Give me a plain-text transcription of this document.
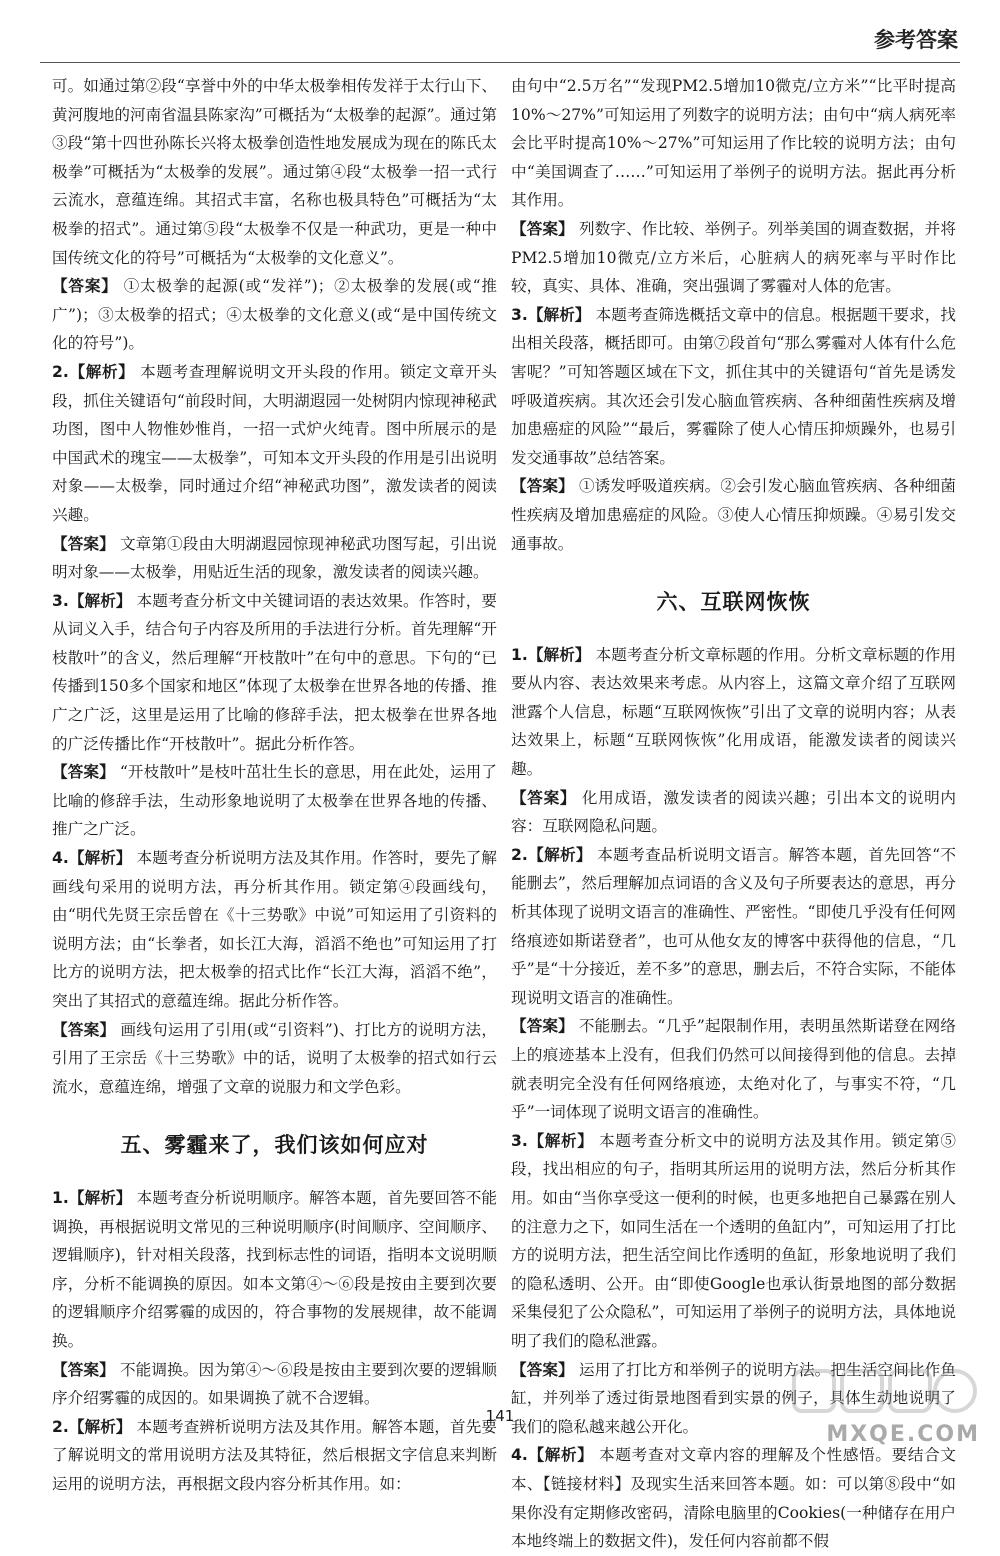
参考答案

可。如通过第②段“享誉中外的中华太极拳相传发祥于太行山下、黄河腹地的河南省温县陈家沟”可概括为“太极拳的起源”。通过第③段“第十四世孙陈长兴将太极拳创造性地发展成为现在的陈氏太极拳”可概括为“太极拳的发展”。通过第④段“太极拳一招一式行云流水，意蕴连绵。其招式丰富，名称也极具特色”可概括为“太极拳的招式”。通过第⑤段“太极拳不仅是一种武功，更是一种中国传统文化的符号”可概括为“太极拳的文化意义”。

【答案】 ①太极拳的起源(或“发祥”)；②太极拳的发展(或“推广”)；③太极拳的招式；④太极拳的文化意义(或“是中国传统文化的符号”)。

2.【解析】 本题考查理解说明文开头段的作用。锁定文章开头段，抓住关键语句“前段时间，大明湖遐园一处树阴内惊现神秘武功图，图中人物惟妙惟肖，一招一式炉火纯青。图中所展示的是中国武术的瑰宝——太极拳”，可知本文开头段的作用是引出说明对象——太极拳，同时通过介绍“神秘武功图”，激发读者的阅读兴趣。

【答案】 文章第①段由大明湖遐园惊现神秘武功图写起，引出说明对象——太极拳，用贴近生活的现象，激发读者的阅读兴趣。

3.【解析】 本题考查分析文中关键词语的表达效果。作答时，要从词义入手，结合句子内容及所用的手法进行分析。首先理解“开枝散叶”的含义，然后理解“开枝散叶”在句中的意思。下句的“已传播到150多个国家和地区”体现了太极拳在世界各地的传播、推广之广泛，这里是运用了比喻的修辞手法，把太极拳在世界各地的广泛传播比作“开枝散叶”。据此分析作答。

【答案】 “开枝散叶”是枝叶茁壮生长的意思，用在此处，运用了比喻的修辞手法，生动形象地说明了太极拳在世界各地的传播、推广之广泛。

4.【解析】 本题考查分析说明方法及其作用。作答时，要先了解画线句采用的说明方法，再分析其作用。锁定第④段画线句，由“明代先贤王宗岳曾在《十三势歌》中说”可知运用了引资料的说明方法；由“长拳者，如长江大海，滔滔不绝也”可知运用了打比方的说明方法，把太极拳的招式比作“长江大海，滔滔不绝”，突出了其招式的意蕴连绵。据此分析作答。

【答案】 画线句运用了引用(或“引资料”)、打比方的说明方法，引用了王宗岳《十三势歌》中的话，说明了太极拳的招式如行云流水，意蕴连绵，增强了文章的说服力和文学色彩。

五、雾霾来了，我们该如何应对

1.【解析】 本题考查分析说明顺序。解答本题，首先要回答不能调换，再根据说明文常见的三种说明顺序(时间顺序、空间顺序、逻辑顺序)，针对相关段落，找到标志性的词语，指明本文说明顺序，分析不能调换的原因。如本文第④～⑥段是按由主要到次要的逻辑顺序介绍雾霾的成因的，符合事物的发展规律，故不能调换。

【答案】 不能调换。因为第④～⑥段是按由主要到次要的逻辑顺序介绍雾霾的成因的。如果调换了就不合逻辑。

2.【解析】 本题考查辨析说明方法及其作用。解答本题，首先要了解说明文的常用说明方法及其特征，然后根据文字信息来判断运用的说明方法，再根据文段内容分析其作用。如：

由句中“2.5万名”“发现PM2.5增加10微克/立方米”“比平时提高10%～27%”可知运用了列数字的说明方法；由句中“病人病死率会比平时提高10%～27%”可知运用了作比较的说明方法；由句中“美国调查了……”可知运用了举例子的说明方法。据此再分析其作用。

【答案】 列数字、作比较、举例子。列举美国的调查数据，并将PM2.5增加10微克/立方米后，心脏病人的病死率与平时作比较，真实、具体、准确，突出强调了雾霾对人体的危害。

3.【解析】 本题考查筛选概括文章中的信息。根据题干要求，找出相关段落，概括即可。由第⑦段首句“那么雾霾对人体有什么危害呢？”可知答题区域在下文，抓住其中的关键语句“首先是诱发呼吸道疾病。其次还会引发心脑血管疾病、各种细菌性疾病及增加患癌症的风险”“最后，雾霾除了使人心情压抑烦躁外，也易引发交通事故”总结答案。

【答案】 ①诱发呼吸道疾病。②会引发心脑血管疾病、各种细菌性疾病及增加患癌症的风险。③使人心情压抑烦躁。④易引发交通事故。

六、互联网恢恢

1.【解析】 本题考查分析文章标题的作用。分析文章标题的作用要从内容、表达效果来考虑。从内容上，这篇文章介绍了互联网泄露个人信息，标题“互联网恢恢”引出了文章的说明内容；从表达效果上，标题“互联网恢恢”化用成语，能激发读者的阅读兴趣。

【答案】 化用成语，激发读者的阅读兴趣；引出本文的说明内容：互联网隐私问题。

2.【解析】 本题考查品析说明文语言。解答本题，首先回答“不能删去”，然后理解加点词语的含义及句子所要表达的意思，再分析其体现了说明文语言的准确性、严密性。“即使几乎没有任何网络痕迹如斯诺登者”，也可从他女友的博客中获得他的信息，“几乎”是“十分接近，差不多”的意思，删去后，不符合实际，不能体现说明文语言的准确性。

【答案】 不能删去。“几乎”起限制作用，表明虽然斯诺登在网络上的痕迹基本上没有，但我们仍然可以间接得到他的信息。去掉就表明完全没有任何网络痕迹，太绝对化了，与事实不符，“几乎”一词体现了说明文语言的准确性。

3.【解析】 本题考查分析文中的说明方法及其作用。锁定第⑤段，找出相应的句子，指明其所运用的说明方法，然后分析其作用。如由“当你享受这一便利的时候，也更多地把自己暴露在别人的注意力之下，如同生活在一个透明的鱼缸内”，可知运用了打比方的说明方法，把生活空间比作透明的鱼缸，形象地说明了我们的隐私透明、公开。由“即使Google也承认街景地图的部分数据采集侵犯了公众隐私”，可知运用了举例子的说明方法，具体地说明了我们的隐私泄露。

【答案】 运用了打比方和举例子的说明方法。把生活空间比作鱼缸，并列举了透过街景地图看到实景的例子，具体生动地说明了我们的隐私越来越公开化。

4.【解析】 本题考查对文章内容的理解及个性感悟。要结合文本、【链接材料】及现实生活来回答本题。如：可以第⑧段中“如果你没有定期修改密码，清除电脑里的Cookies(一种储存在用户本地终端上的数据文件)，发任何内容前都不假

141
MXQE.COM
